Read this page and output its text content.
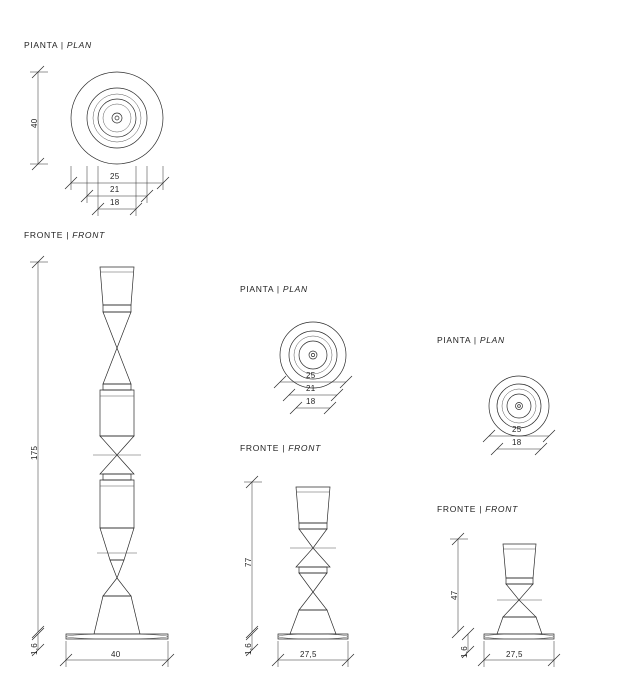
PIANTA | PLAN
40
25
21
18
FRONTE | FRONT
175
1,6	40
PIANTA | PLAN
25
21
18
FRONTE | FRONT
77
1,6	27,5
PIANTA | PLAN
25
18
FRONTE | FRONT
47
1,6	27,5
